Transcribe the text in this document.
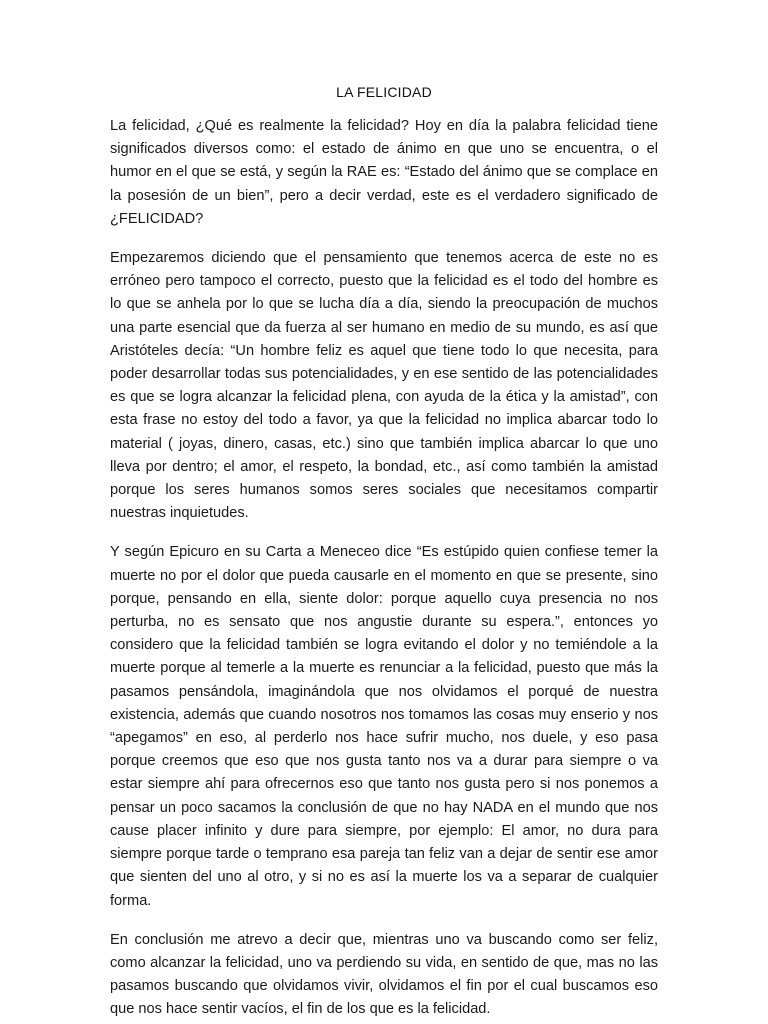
LA FELICIDAD

La felicidad, ¿Qué es realmente la felicidad? Hoy en día la palabra felicidad tiene significados diversos como: el estado de ánimo en que uno se encuentra, o el humor en el que se está, y según la RAE es: “Estado del ánimo que se complace en la posesión de un bien”, pero a decir verdad, este es el verdadero significado de ¿FELICIDAD?

Empezaremos diciendo que el pensamiento que tenemos acerca de este no es erróneo pero tampoco el correcto, puesto que la felicidad es el todo del hombre es lo que se anhela por lo que se lucha día a día, siendo la preocupación de muchos una parte esencial que da fuerza al ser humano en medio de su mundo, es así que Aristóteles decía: “Un hombre feliz es aquel que tiene todo lo que necesita, para poder desarrollar todas sus potencialidades, y en ese sentido de las potencialidades es que se logra alcanzar la felicidad plena, con ayuda de la ética y la amistad”, con esta frase no estoy del todo a favor, ya que la felicidad no implica abarcar todo lo material ( joyas, dinero, casas, etc.) sino que también implica abarcar lo que uno lleva por dentro; el amor, el respeto, la bondad, etc., así como también la amistad porque los seres humanos somos seres sociales que necesitamos compartir nuestras inquietudes.

Y según Epicuro en su Carta a Meneceo dice “Es estúpido quien confiese temer la muerte no por el dolor que pueda causarle en el momento en que se presente, sino porque, pensando en ella, siente dolor: porque aquello cuya presencia no nos perturba, no es sensato que nos angustie durante su espera.”, entonces yo considero que la felicidad también se logra evitando el dolor y no temiéndole a la muerte porque al temerle a la muerte es renunciar a la felicidad, puesto que más la pasamos pensándola, imaginándola que nos olvidamos el porqué de nuestra existencia, además que cuando nosotros nos tomamos las cosas muy enserio y nos “apegamos” en eso, al perderlo nos hace sufrir mucho, nos duele, y eso pasa porque creemos que eso que nos gusta tanto nos va a durar para siempre o va estar siempre ahí para ofrecernos eso que tanto nos gusta pero si nos ponemos a pensar un poco sacamos la conclusión de que no hay NADA en el mundo que nos cause placer infinito y dure para siempre, por ejemplo: El amor, no dura para siempre porque tarde o temprano esa pareja tan feliz van a dejar de sentir ese amor que sienten del uno al otro, y si no es así la muerte los va a separar de cualquier forma.

En conclusión me atrevo a decir que, mientras uno va buscando como ser feliz, como alcanzar la felicidad, uno va perdiendo su vida, en sentido de que, mas no las pasamos buscando que olvidamos vivir, olvidamos el fin por el cual buscamos eso que nos hace sentir vacíos, el fin de los que es la felicidad.
